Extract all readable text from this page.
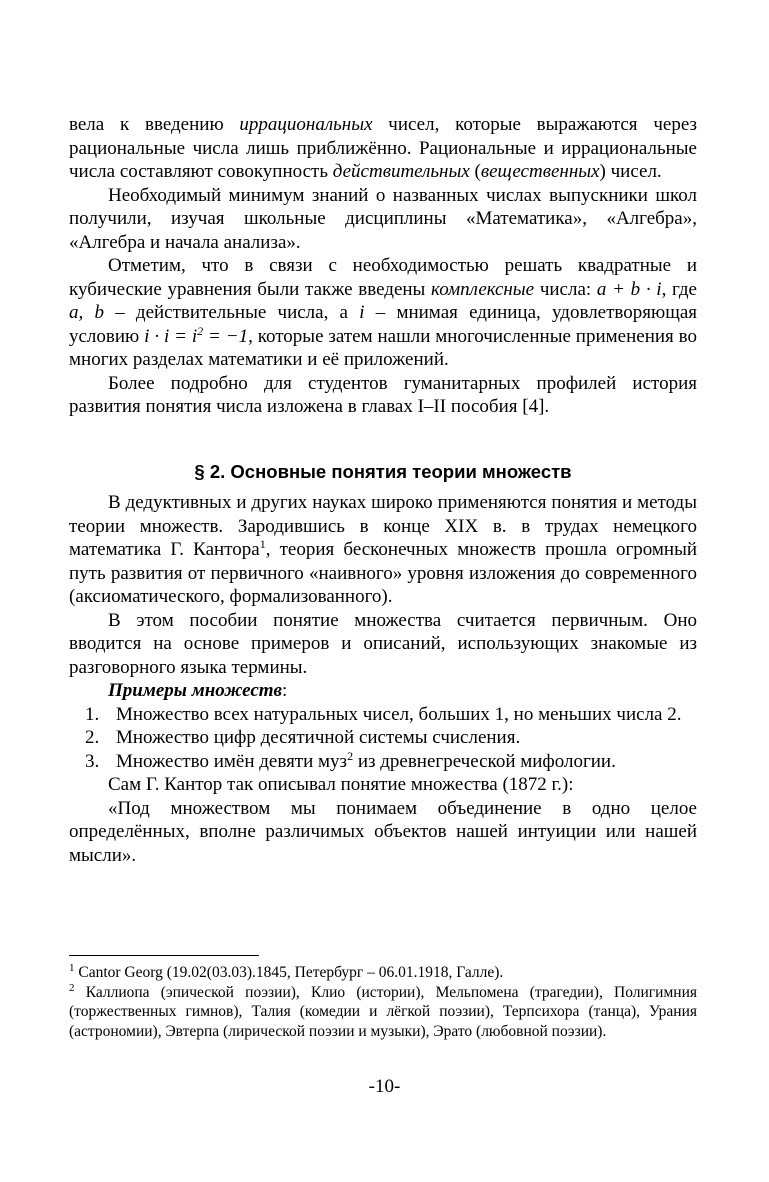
вела к введению иррациональных чисел, которые выражаются через рациональные числа лишь приближённо. Рациональные и иррациональные числа составляют совокупность действительных (вещественных) чисел.

Необходимый минимум знаний о названных числах выпускники школ получили, изучая школьные дисциплины «Математика», «Алгебра», «Алгебра и начала анализа».

Отметим, что в связи с необходимостью решать квадратные и кубические уравнения были также введены комплексные числа: a + b · i, где a, b – действительные числа, а i – мнимая единица, удовлетворяющая условию $i \cdot i = i^2 = -1$, которые затем нашли многочисленные применения во многих разделах математики и её приложений.

Более подробно для студентов гуманитарных профилей история развития понятия числа изложена в главах I–II пособия [4].

§ 2. Основные понятия теории множеств

В дедуктивных и других науках широко применяются понятия и методы теории множеств. Зародившись в конце XIX в. в трудах немецкого математика Г. Кантора$^1$, теория бесконечных множеств прошла огромный путь развития от первичного «наивного» уровня изложения до современного (аксиоматического, формализованного).

В этом пособии понятие множества считается первичным. Оно вводится на основе примеров и описаний, использующих знакомые из разговорного языка термины.

Примеры множеств:

1. Множество всех натуральных чисел, больших 1, но меньших числа 2.
2. Множество цифр десятичной системы счисления.
3. Множество имён девяти муз$^2$ из древнегреческой мифологии.

Сам Г. Кантор так описывал понятие множества (1872 г.):

«Под множеством мы понимаем объединение в одно целое определённых, вполне различимых объектов нашей интуиции или нашей мысли».

$^1$ Cantor Georg (19.02(03.03).1845, Петербург – 06.01.1918, Галле).

$^2$ Каллиопа (эпической поэзии), Клио (истории), Мельпомена (трагедии), Полигимния (торжественных гимнов), Талия (комедии и лёгкой поэзии), Терпсихора (танца), Урания (астрономии), Эвтерпа (лирической поэзии и музыки), Эрато (любовной поэзии).

-10-
